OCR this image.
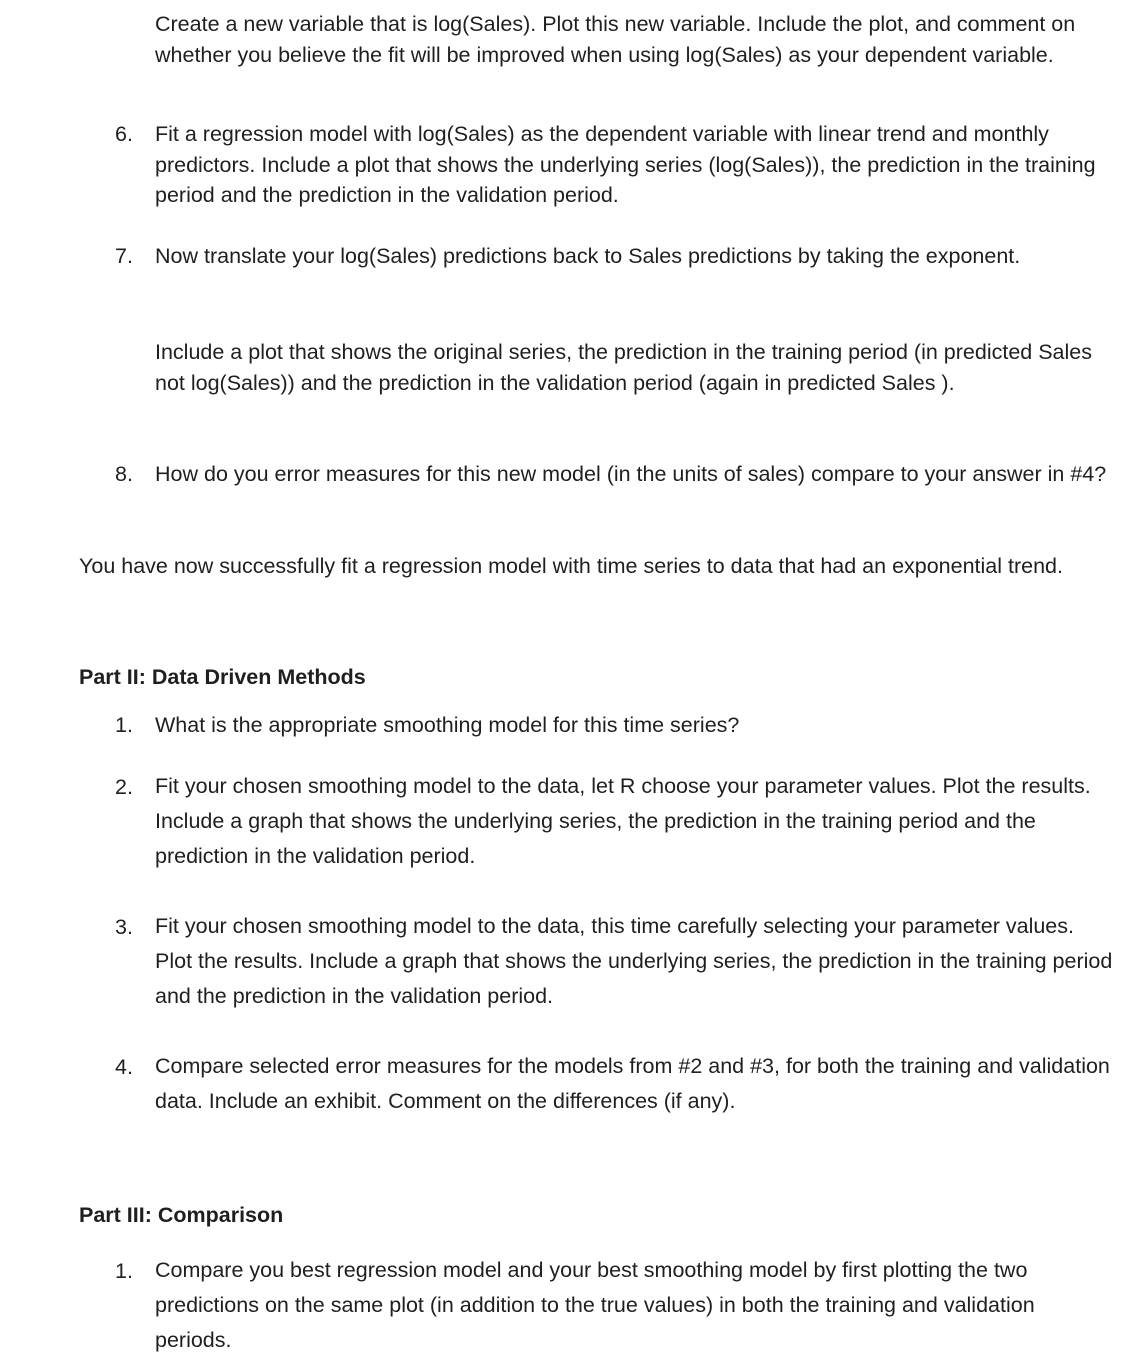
Create a new variable that is log(Sales). Plot this new variable. Include the plot, and comment on whether you believe the fit will be improved when using log(Sales) as your dependent variable.

6. Fit a regression model with log(Sales) as the dependent variable with linear trend and monthly predictors. Include a plot that shows the underlying series (log(Sales)), the prediction in the training period and the prediction in the validation period.

7. Now translate your log(Sales) predictions back to Sales predictions by taking the exponent.

Include a plot that shows the original series, the prediction in the training period (in predicted Sales not log(Sales)) and the prediction in the validation period (again in predicted Sales ).

8. How do you error measures for this new model (in the units of sales) compare to your answer in #4?

You have now successfully fit a regression model with time series to data that had an exponential trend.

Part II: Data Driven Methods
1. What is the appropriate smoothing model for this time series?

2. Fit your chosen smoothing model to the data, let R choose your parameter values. Plot the results. Include a graph that shows the underlying series, the prediction in the training period and the prediction in the validation period.

3. Fit your chosen smoothing model to the data, this time carefully selecting your parameter values. Plot the results. Include a graph that shows the underlying series, the prediction in the training period and the prediction in the validation period.

4. Compare selected error measures for the models from #2 and #3, for both the training and validation data. Include an exhibit. Comment on the differences (if any).

Part III: Comparison
1. Compare you best regression model and your best smoothing model by first plotting the two predictions on the same plot (in addition to the true values) in both the training and validation periods.
